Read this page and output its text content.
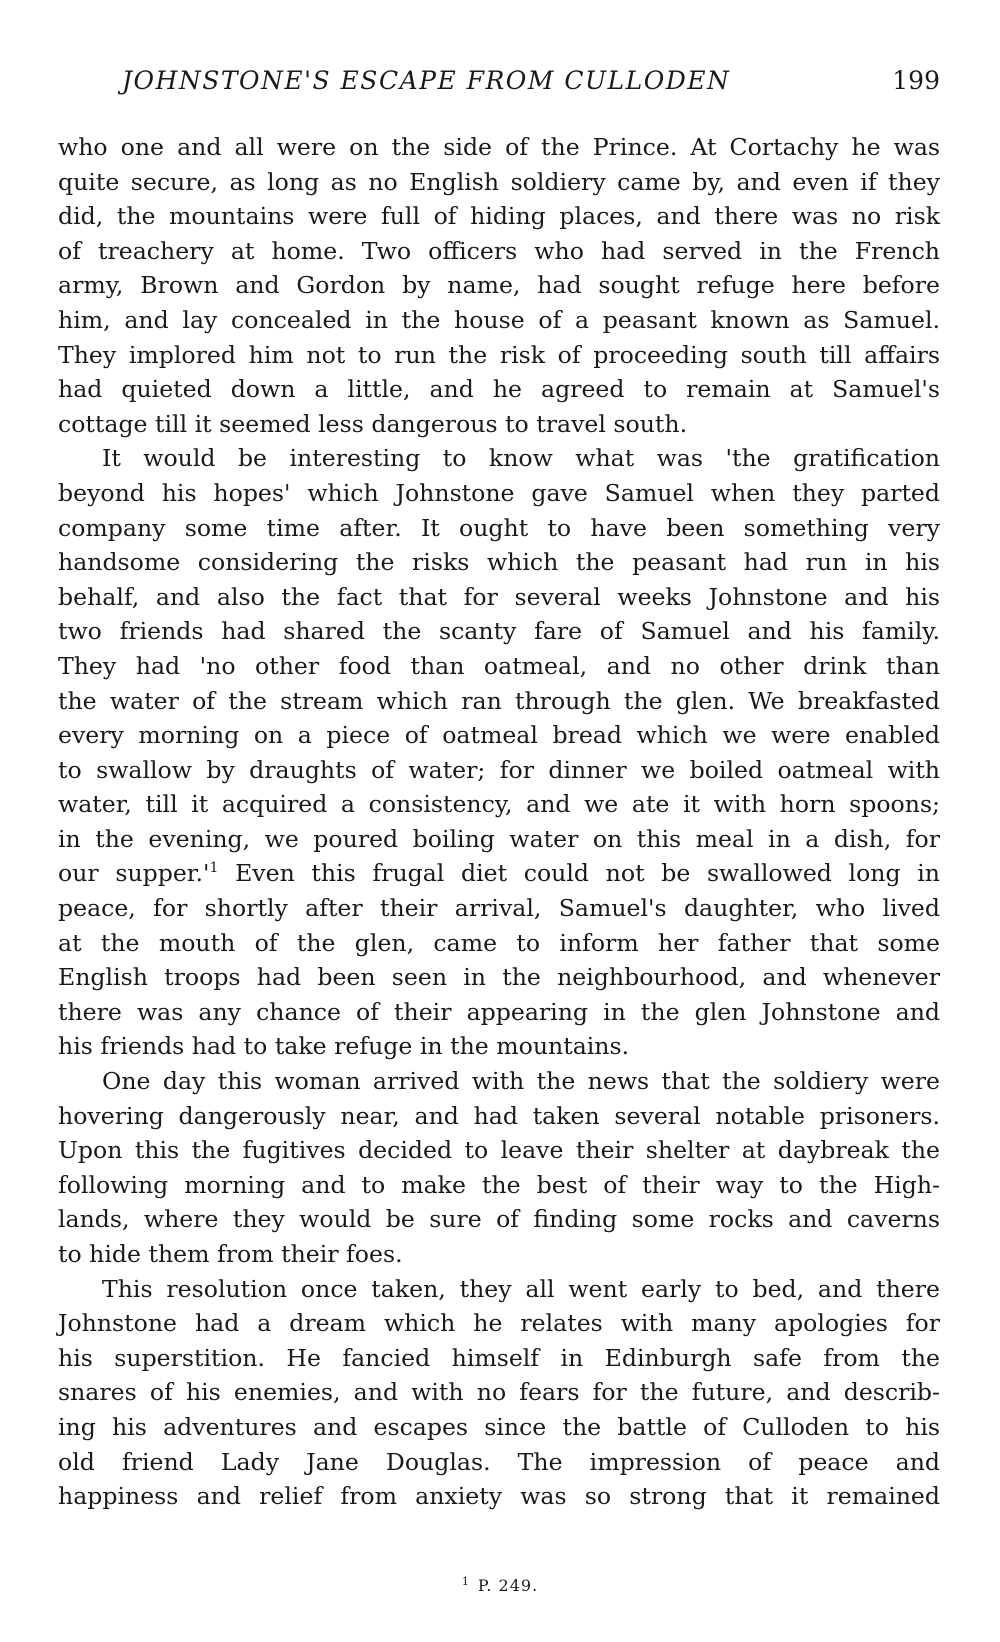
JOHNSTONE'S ESCAPE FROM CULLODEN	199
who one and all were on the side of the Prince. At Cortachy he was
quite secure, as long as no English soldiery came by, and even if they
did, the mountains were full of hiding places, and there was no risk
of treachery at home. Two officers who had served in the French
army, Brown and Gordon by name, had sought refuge here before
him, and lay concealed in the house of a peasant known as Samuel.
They implored him not to run the risk of proceeding south till affairs
had quieted down a little, and he agreed to remain at Samuel's
cottage till it seemed less dangerous to travel south.
It would be interesting to know what was 'the gratification
beyond his hopes' which Johnstone gave Samuel when they parted
company some time after. It ought to have been something very
handsome considering the risks which the peasant had run in his
behalf, and also the fact that for several weeks Johnstone and his
two friends had shared the scanty fare of Samuel and his family.
They had 'no other food than oatmeal, and no other drink than
the water of the stream which ran through the glen. We breakfasted
every morning on a piece of oatmeal bread which we were enabled
to swallow by draughts of water; for dinner we boiled oatmeal with
water, till it acquired a consistency, and we ate it with horn spoons;
in the evening, we poured boiling water on this meal in a dish, for
our supper.'$^1$ Even this frugal diet could not be swallowed long in
peace, for shortly after their arrival, Samuel's daughter, who lived
at the mouth of the glen, came to inform her father that some
English troops had been seen in the neighbourhood, and whenever
there was any chance of their appearing in the glen Johnstone and
his friends had to take refuge in the mountains.
One day this woman arrived with the news that the soldiery were
hovering dangerously near, and had taken several notable prisoners.
Upon this the fugitives decided to leave their shelter at daybreak the
following morning and to make the best of their way to the High-
lands, where they would be sure of finding some rocks and caverns
to hide them from their foes.
This resolution once taken, they all went early to bed, and there
Johnstone had a dream which he relates with many apologies for
his superstition. He fancied himself in Edinburgh safe from the
snares of his enemies, and with no fears for the future, and describ-
ing his adventures and escapes since the battle of Culloden to his
old friend Lady Jane Douglas. The impression of peace and
happiness and relief from anxiety was so strong that it remained
$^1$ P. 249.
